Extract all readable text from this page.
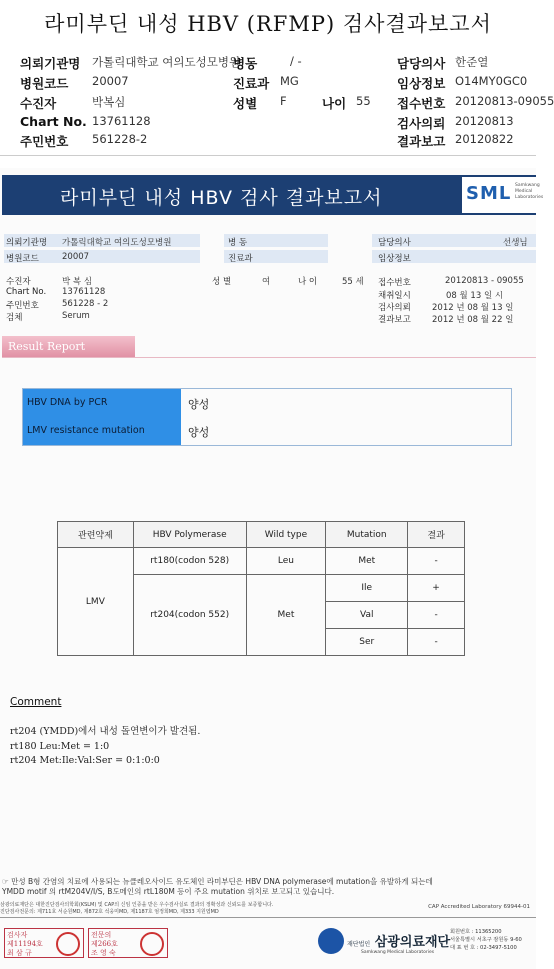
라미부딘 내성 HBV (RFMP) 검사결과보고서
의뢰기관명 가톨릭대학교 여의도성모병원
병동	/ -	담당의사 한준열
병원코드 20007	진료과 MG	임상정보 O14MY0GC0
수진자	박복심	성별 F	나이 55 접수번호 20120813-09055
Chart No. 13761128	검사의뢰 20120813
주민번호 561228-2	결과보고 20120822
라미부딘 내성 HBV 검사 결과보고서	SML Samkwang Medical Laboratories
의뢰기관명 가톨릭대학교 여의도성모병원	병 동	담당의사	선생님
병원코드	20007	진료과	임상정보
수진자	박 복 심	성 별	여	나 이	55 세 접수번호	20120813 - 09055
Chart No. 13761128	채취일시	08 월 13 일 시
주민번호	561228 - 2	검사의뢰 2012 년 08 월 13 일
검체	Serum	결과보고 2012 년 08 월 22 일
Result Report
HBV DNA by PCR	양성
LMV resistance mutation	양성
관련약제	HBV Polymerase	Wild type	Mutation	결과
LMV	rt180(codon 528)	Leu	Met	-
	rt204(codon 552)	Met	Ile	+
			Val	-
			Ser	-
Comment
rt204 (YMDD)에서 내성 돌연변이가 발견됨.
rt180 Leu:Met = 1:0
rt204 Met:Ile:Val:Ser = 0:1:0:0
☞ 만성 B형 간염의 치료에 사용되는 뉴클레오사이드 유도체인 라미부딘은 HBV DNA polymerase에 mutation을 유발하게 되는데
YMDD motif 의 rtM204V/I/S, B도메인의 rtL180M 등이 주요 mutation 위치로 보고되고 있습니다.
삼광의료재단은 대한진단검사의학회(KSLM) 및 CAP의 신임 인증을 받은 우수검사실로 결과의 정확성과 신뢰도를 보증합니다.
진단검사전문의: 제711호 서순원MD, 제872호 석웅미MD, 제1187호 엄정희MD, 제333 지원엽MD
CAP Accredited Laboratory 69944-01
검사자
제11194호
최 삼 규
전문의
제266호
조 영 숙
재단법인 삼광의료재단
Samkwang Medical Laboratories
회원번호 : 11365200
서울특별시 서초구 잠원동 9-60
대 표 번 호 : 02-3497-5100
